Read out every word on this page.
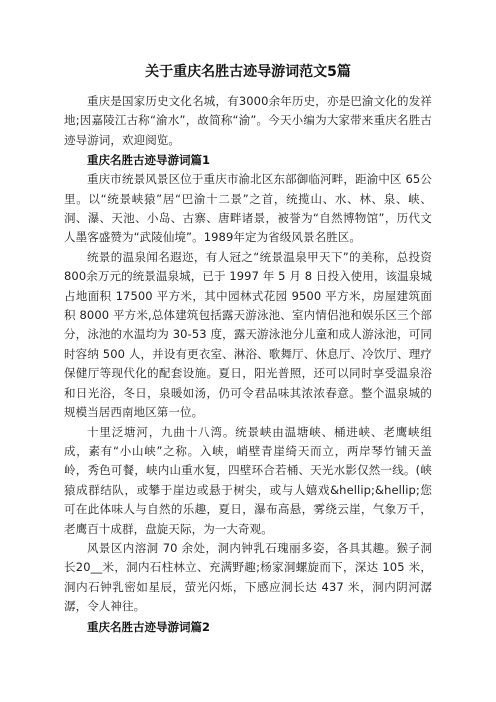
关于重庆名胜古迹导游词范文5篇

重庆是国家历史文化名城，有3000余年历史，亦是巴渝文化的发祥地;因嘉陵江古称“渝水”，故简称“渝”。今天小编为大家带来重庆名胜古迹导游词，欢迎阅览。

重庆名胜古迹导游词篇1

重庆市统景风景区位于重庆市渝北区东部御临河畔，距渝中区 65公里。以“统景峡猿”居“巴渝十二景”之首，统揽山、水、林、泉、峡、洞、瀑、天池、小岛、古寨、唐畔诸景，被誉为“自然博物馆”，历代文人墨客盛赞为“武陵仙境”。1989年定为省级风景名胜区。

统景的温泉闻名遐迩，有人冠之“统景温泉甲天下”的美称，总投资800余万元的统景温泉城，已于 1997 年 5 月 8 日投入使用，该温泉城占地面积 17500 平方米，其中园林式花园 9500 平方米，房屋建筑面积 8000 平方米,总体建筑包括露天游泳池、室内情侣池和娱乐区三个部分，泳池的水温均为 30-53 度，露天游泳池分儿童和成人游泳池，可同时容纳 500 人，并设有更衣室、淋浴、歌舞厅、休息厅、冷饮厅、理疗保健厅等现代化的配套设施。夏日，阳光普照，还可以同时享受温泉浴和日光浴，冬日，泉暖如汤，仍可令君品味其浓浓春意。整个温泉城的规模当居西南地区第一位。

十里泛塘河，九曲十八湾。统景峡由温塘峡、桶进峡、老鹰峡组成，素有“小山峡”之称。入峡，峭壁青崖绮天而立，两岸琴竹铺天盖岭，秀色可餐，峡内山重水复，四壁环合若桶、天光水影仅然一线。(峡猿成群结队，或攀于崖边或悬于树尖，或与人嬉戏&hellip;&hellip;您可在此体味人与自然的乐趣，夏日，瀑布高悬，雾绕云崖，气象万千，老鹰百十成群，盘旋天际，为一大奇观。

风景区内溶洞 70 余处，洞内钟乳石瑰丽多姿，各具其趣。猴子洞长20__米，洞内石柱林立、充满野趣;杨家洞螺旋而下，深达 105 米，洞内石钟乳密如星辰，萤光闪烁，下感应洞长达 437 米，洞内阴河潺潺，令人神往。

重庆名胜古迹导游词篇2
